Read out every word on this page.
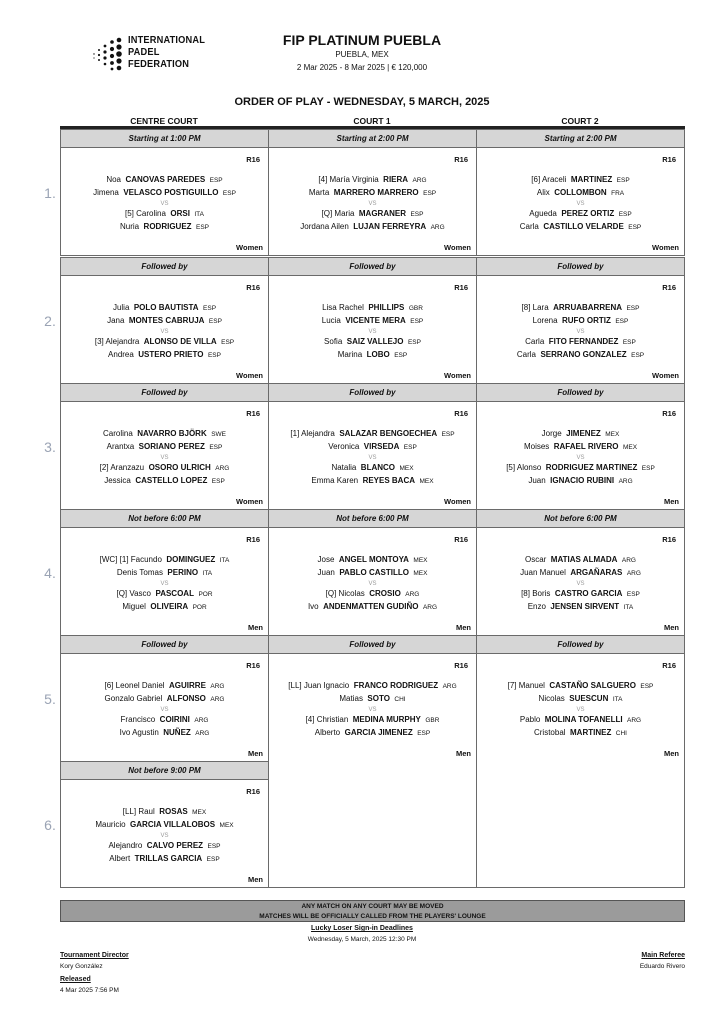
INTERNATIONAL
PADEL
FEDERATION
FIP PLATINUM PUEBLA
PUEBLA, MEX
2 Mar 2025 - 8 Mar 2025 | € 120,000
ORDER OF PLAY - WEDNESDAY, 5 MARCH, 2025
CENTRE COURT	COURT 1	COURT 2
1.
Starting at 1:00 PM
R16
Women
Noa CANOVAS PAREDES ESP
Jimena VELASCO POSTIGUILLO ESP
VS
[5] Carolina ORSI ITA
Nuria RODRIGUEZ ESP
Starting at 2:00 PM
R16
Women
[4] María Virginia RIERA ARG
Marta MARRERO MARRERO ESP
VS
[Q] Maria MAGRANER ESP
Jordana Ailen LUJAN FERREYRA ARG
Starting at 2:00 PM
R16
Women
[6] Araceli MARTINEZ ESP
Alix COLLOMBON FRA
VS
Agueda PEREZ ORTIZ ESP
Carla CASTILLO VELARDE ESP
2.
Followed by
R16
Women
Julia POLO BAUTISTA ESP
Jana MONTES CABRUJA ESP
VS
[3] Alejandra ALONSO DE VILLA ESP
Andrea USTERO PRIETO ESP
Followed by
R16
Women
Lisa Rachel PHILLIPS GBR
Lucia VICENTE MERA ESP
VS
Sofia SAIZ VALLEJO ESP
Marina LOBO ESP
Followed by
R16
Women
[8] Lara ARRUABARRENA ESP
Lorena RUFO ORTIZ ESP
VS
Carla FITO FERNANDEZ ESP
Carla SERRANO GONZALEZ ESP
3.
Followed by
R16
Women
Carolina NAVARRO BJÖRK SWE
Arantxa SORIANO PEREZ ESP
VS
[2] Aranzazu OSORO ULRICH ARG
Jessica CASTELLO LOPEZ ESP
Followed by
R16
Women
[1] Alejandra SALAZAR BENGOECHEA ESP
Veronica VIRSEDA ESP
VS
Natalia BLANCO MEX
Emma Karen REYES BACA MEX
Followed by
R16
Men
Jorge JIMENEZ MEX
Moises RAFAEL RIVERO MEX
VS
[5] Alonso RODRIGUEZ MARTINEZ ESP
Juan IGNACIO RUBINI ARG
4.
Not before 6:00 PM
R16
Men
[WC] [1] Facundo DOMINGUEZ ITA
Denis Tomas PERINO ITA
VS
[Q] Vasco PASCOAL POR
Miguel OLIVEIRA POR
Not before 6:00 PM
R16
Men
Jose ANGEL MONTOYA MEX
Juan PABLO CASTILLO MEX
VS
[Q] Nicolas CROSIO ARG
Ivo ANDENMATTEN GUDIÑO ARG
Not before 6:00 PM
R16
Men
Oscar MATIAS ALMADA ARG
Juan Manuel ARGAÑARAS ARG
VS
[8] Boris CASTRO GARCIA ESP
Enzo JENSEN SIRVENT ITA
5.
Followed by
R16
Men
[6] Leonel Daniel AGUIRRE ARG
Gonzalo Gabriel ALFONSO ARG
VS
Francisco COIRINI ARG
Ivo Agustin NUÑEZ ARG
Followed by
R16
Men
[LL] Juan Ignacio FRANCO RODRIGUEZ ARG
Matias SOTO CHI
VS
[4] Christian MEDINA MURPHY GBR
Alberto GARCIA JIMENEZ ESP
Followed by
R16
Men
[7] Manuel CASTAÑO SALGUERO ESP
Nicolas SUESCUN ITA
VS
Pablo MOLINA TOFANELLI ARG
Cristobal MARTINEZ CHI
6.
Not before 9:00 PM
R16
Men
[LL] Raul ROSAS MEX
Mauricio GARCIA VILLALOBOS MEX
VS
Alejandro CALVO PEREZ ESP
Albert TRILLAS GARCIA ESP
ANY MATCH ON ANY COURT MAY BE MOVED
MATCHES WILL BE OFFICIALLY CALLED FROM THE PLAYERS' LOUNGE
Lucky Loser Sign-in Deadlines
Wednesday, 5 March, 2025 12:30 PM
Tournament Director
Kory González
Released
4 Mar 2025 7:56 PM
Main Referee
Eduardo Rivero
